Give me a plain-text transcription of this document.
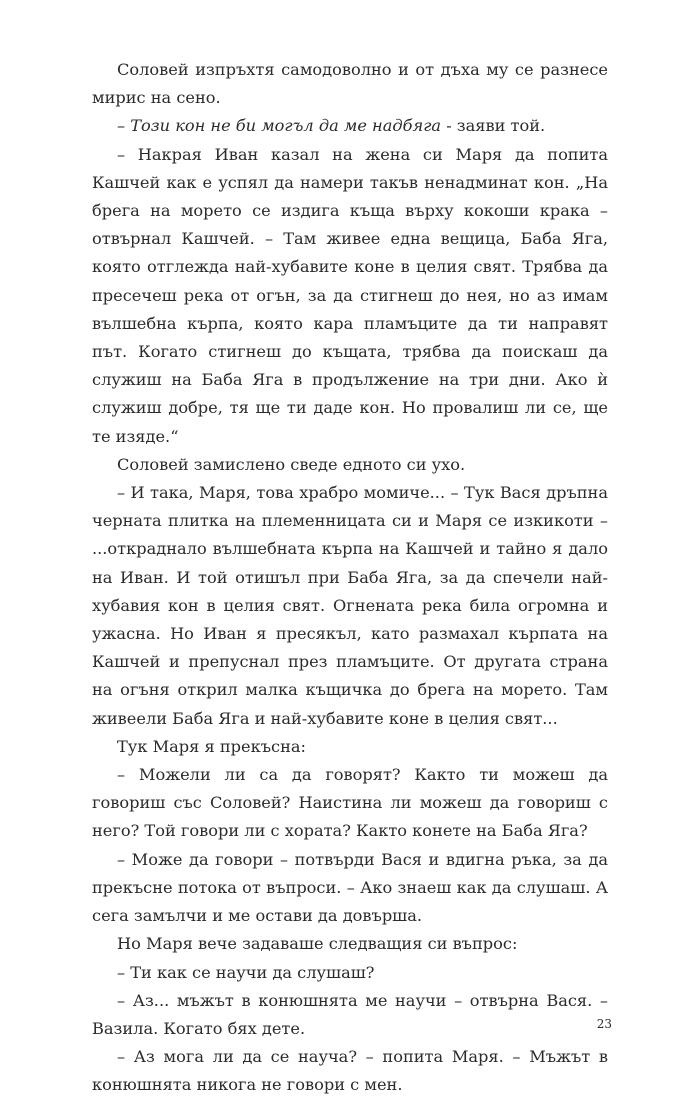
Соловей изпръхтя самодоволно и от дъха му се разнесе мирис на сено.

– Този кон не би могъл да ме надбяга - заяви той.

– Накрая Иван казал на жена си Маря да попита Кашчей как е успял да намери такъв ненадминат кон. „На брега на морето се издига къща върху кокоши крака – отвърнал Кашчей. – Там живее една вещица, Баба Яга, която отглежда най-хубавите коне в целия свят. Трябва да пресечеш река от огън, за да стигнеш до нея, но аз имам вълшебна кърпа, която кара пламъците да ти направят път. Когато стигнеш до къщата, трябва да поискаш да служиш на Баба Яга в продължение на три дни. Ако ѝ служиш добре, тя ще ти даде кон. Но провалиш ли се, ще те изяде.“

Соловей замислено сведе едното си ухо.

– И така, Маря, това храбро момиче... – Тук Вася дръпна черната плитка на племенницата си и Маря се изкикоти – ...откраднало вълшебната кърпа на Кашчей и тайно я дало на Иван. И той отишъл при Баба Яга, за да спечели най-хубавия кон в целия свят. Огнената река била огромна и ужасна. Но Иван я пресякъл, като размахал кърпата на Кашчей и препуснал през пламъците. От другата страна на огъня открил малка къщичка до брега на морето. Там живеели Баба Яга и най-хубавите коне в целия свят...

Тук Маря я прекъсна:

– Можели ли са да говорят? Както ти можеш да говориш със Соловей? Наистина ли можеш да говориш с него? Той говори ли с хората? Както конете на Баба Яга?

– Може да говори – потвърди Вася и вдигна ръка, за да прекъсне потока от въпроси. – Ако знаеш как да слушаш. А сега замълчи и ме остави да довърша.

Но Маря вече задаваше следващия си въпрос:

– Ти как се научи да слушаш?

– Аз... мъжът в конюшнята ме научи – отвърна Вася. – Вазила. Когато бях дете.

– Аз мога ли да се науча? – попита Маря. – Мъжът в конюшнята никога не говори с мен.

23
